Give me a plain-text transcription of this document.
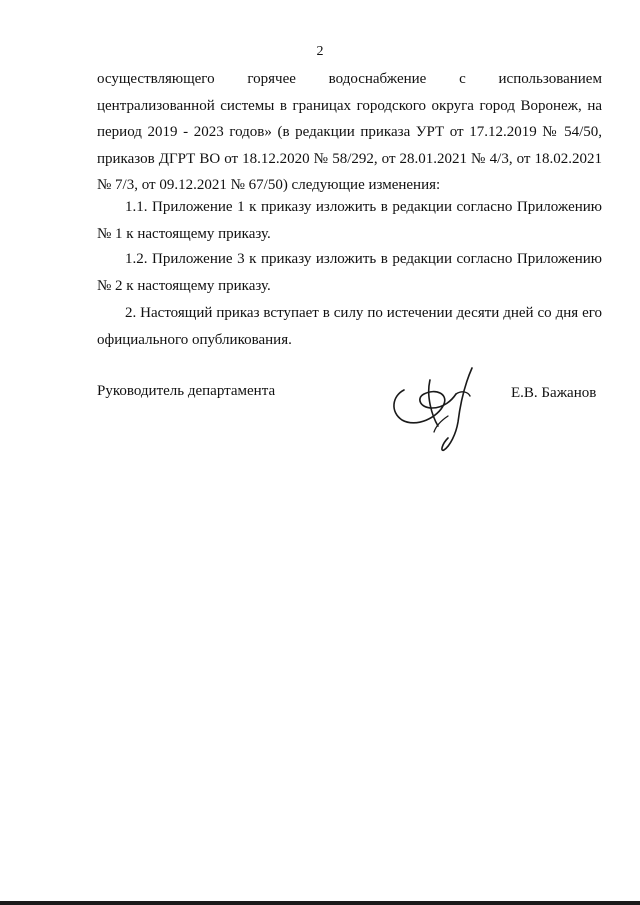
2
осуществляющего горячее водоснабжение с использованием
централизованной системы в границах городского округа город Воронеж, на период 2019 - 2023 годов» (в редакции приказа УРТ от 17.12.2019 № 54/50, приказов ДГРТ ВО от 18.12.2020 № 58/292, от 28.01.2021 № 4/3, от 18.02.2021 № 7/3, от 09.12.2021 № 67/50) следующие изменения:
1.1. Приложение 1 к приказу изложить в редакции согласно Приложению № 1 к настоящему приказу.
1.2. Приложение 3 к приказу изложить в редакции согласно Приложению № 2 к настоящему приказу.
2. Настоящий приказ вступает в силу по истечении десяти дней со дня его официального опубликования.
Руководитель департамента	Е.В. Бажанов
